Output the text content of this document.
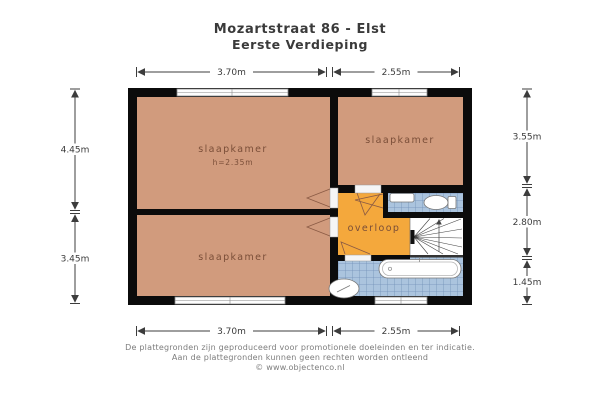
Mozartstraat 86 - Elst
Eerste Verdieping
slaapkamer
h=2.35m
slaapkamer
slaapkamer
overloop
3.70m	2.55m
3.70m	2.55m
4.45m
3.45m
3.55m
2.80m
1.45m
De plattegronden zijn geproduceerd voor promotionele doeleinden en ter indicatie.
Aan de plattegronden kunnen geen rechten worden ontleend
© www.objectenco.nl
